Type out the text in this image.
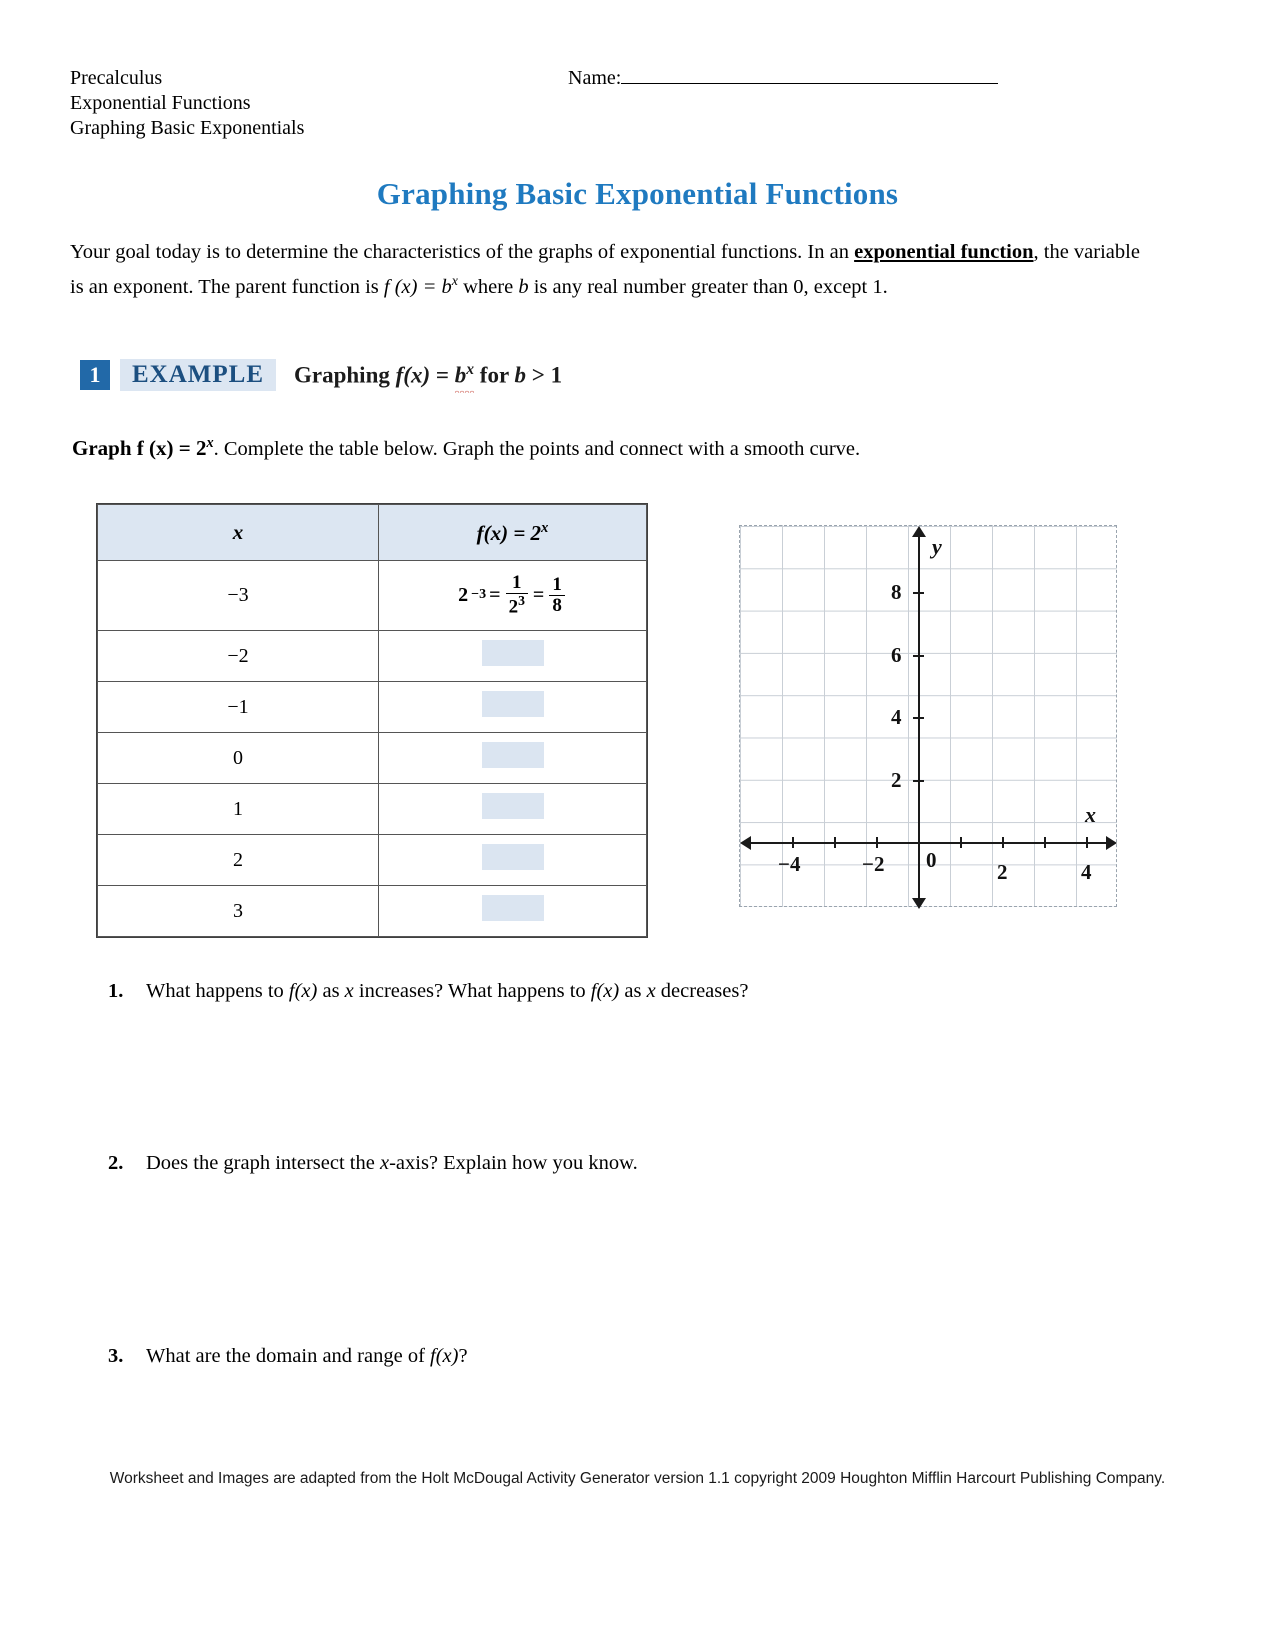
Precalculus
Exponential Functions
Graphing Basic Exponentials
Name:
Graphing Basic Exponential Functions
Your goal today is to determine the characteristics of the graphs of exponential functions. In an exponential function, the variable is an exponent. The parent function is f $(x) = b^x$ where b is any real number greater than 0, except 1.
1	EXAMPLE	Graphing $f(x) = b^x$ for b > 1
Graph f $(x) = 2^x$. Complete the table below. Graph the points and connect with a smooth curve.
x	$f(x) = 2^x$
−3	$2 -3 = \frac{1}{2^3} = \frac{1}{8}$

−2	
−1	
0	
1	
2	
3	
y
x
8
6
4
2
−4	−2 0	2	4
1. What happens to f(x) as x increases? What happens to f(x) as x decreases?
2. Does the graph intersect the x-axis? Explain how you know.
3. What are the domain and range of f(x)?
Worksheet and Images are adapted from the Holt McDougal Activity Generator version 1.1 copyright 2009 Houghton Mifflin Harcourt Publishing Company.
